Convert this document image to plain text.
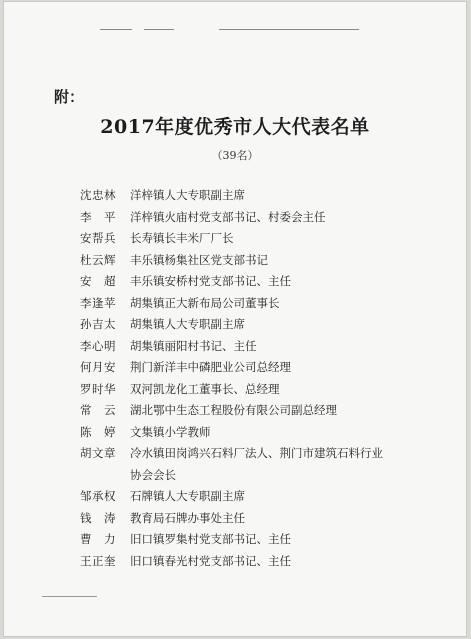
附：
2017年度优秀市人大代表名单
（39名）
沈忠林	洋梓镇人大专职副主席
李　平	洋梓镇火庙村党支部书记、村委会主任
安帮兵	长寿镇长丰米厂厂长
杜云辉	丰乐镇杨集社区党支部书记
安　超	丰乐镇安桥村党支部书记、主任
李逢苹	胡集镇正大新布局公司董事长
孙吉太	胡集镇人大专职副主席
李心明	胡集镇丽阳村书记、主任
何月安	荆门新洋丰中磷肥业公司总经理
罗时华	双河凯龙化工董事长、总经理
常　云	湖北鄂中生态工程股份有限公司副总经理
陈　婷	文集镇小学教师
胡文章	冷水镇田岗鸿兴石料厂法人、荆门市建筑石料行业
协会会长
邹承权	石牌镇人大专职副主席
钱　涛	教育局石牌办事处主任
曹　力	旧口镇罗集村党支部书记、主任
王正奎	旧口镇春光村党支部书记、主任
